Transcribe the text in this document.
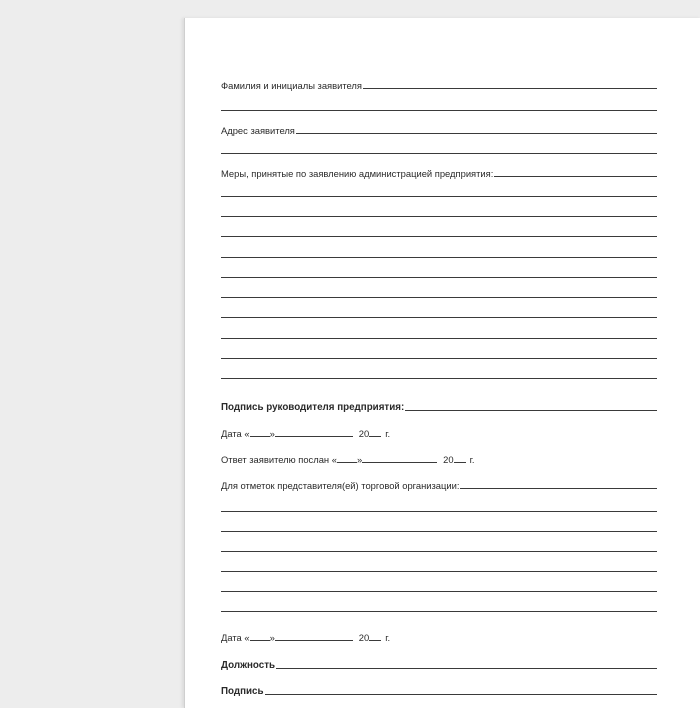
Фамилия и инициалы заявителя
Адрес заявителя
Меры, принятые по заявлению администрацией предприятия:
Подпись руководителя предприятия:
Дата « »	20 г.
Ответ заявителю послан « »	20 г.
Для отметок представителя(ей) торговой организации:
Дата « »	20 г.
Должность
Подпись
